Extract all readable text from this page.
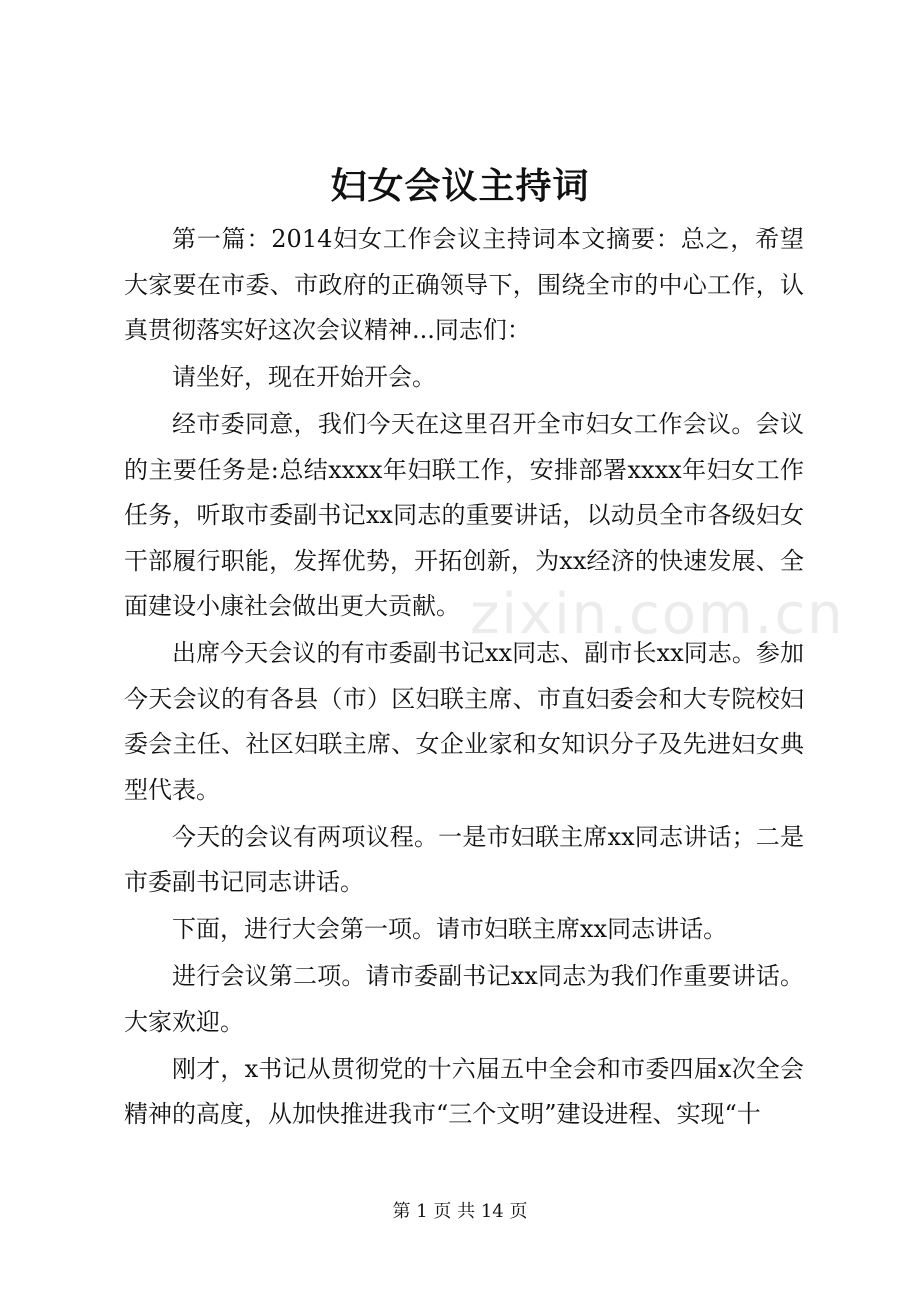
妇女会议主持词

第一篇：2014妇女工作会议主持词本文摘要：总之，希望大家要在市委、市政府的正确领导下，围绕全市的中心工作，认真贯彻落实好这次会议精神...同志们：

请坐好，现在开始开会。

经市委同意，我们今天在这里召开全市妇女工作会议。会议的主要任务是:总结xxxx年妇联工作，安排部署xxxx年妇女工作任务，听取市委副书记xx同志的重要讲话，以动员全市各级妇女干部履行职能，发挥优势，开拓创新，为xx经济的快速发展、全面建设小康社会做出更大贡献。

出席今天会议的有市委副书记xx同志、副市长xx同志。参加今天会议的有各县（市）区妇联主席、市直妇委会和大专院校妇委会主任、社区妇联主席、女企业家和女知识分子及先进妇女典型代表。

今天的会议有两项议程。一是市妇联主席xx同志讲话；二是市委副书记同志讲话。

下面，进行大会第一项。请市妇联主席xx同志讲话。

进行会议第二项。请市委副书记xx同志为我们作重要讲话。大家欢迎。

刚才，x书记从贯彻党的十六届五中全会和市委四届x次全会精神的高度，从加快推进我市“三个文明”建设进程、实现“十

zixin.com.cn
第 1 页 共 14 页
